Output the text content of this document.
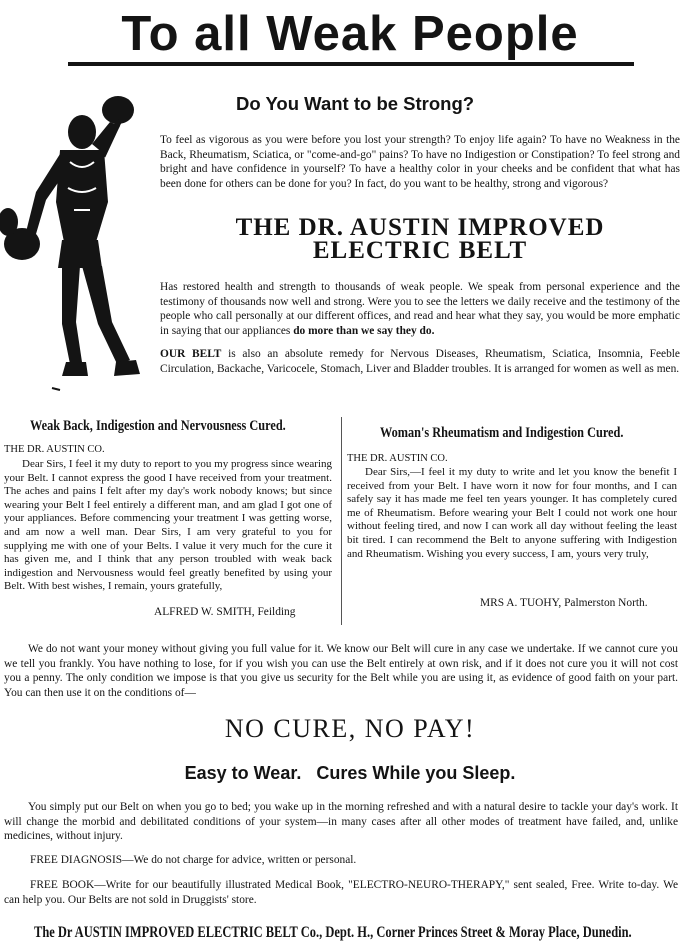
To all Weak People
Do You Want to be Strong?
To feel as vigorous as you were before you lost your strength? To enjoy life again? To have no Weakness in the Back, Rheumatism, Sciatica, or "come-and-go" pains? To have no Indigestion or Constipation? To feel strong and bright and have confidence in yourself? To have a healthy color in your cheeks and be confident that what has been done for others can be done for you? In fact, do you want to be healthy, strong and vigorous?
THE DR. AUSTIN IMPROVED
ELECTRIC BELT
Has restored health and strength to thousands of weak people. We speak from personal experience and the testimony of thousands now well and strong. Were you to see the letters we daily receive and the testimony of the people who call personally at our different offices, and read and hear what they say, you would be more emphatic in saying that our appliances do more than we say they do.
OUR BELT is also an absolute remedy for Nervous Diseases, Rheumatism, Sciatica, Insomnia, Feeble Circulation, Backache, Varicocele, Stomach, Liver and Bladder troubles. It is arranged for women as well as men.
Weak Back, Indigestion and Nervousness Cured.
THE DR. AUSTIN CO.
Dear Sirs, I feel it my duty to report to you my progress since wearing your Belt. I cannot express the good I have received from your treatment. The aches and pains I felt after my day's work nobody knows; but since wearing your Belt I feel entirely a different man, and am glad I got one of your appliances. Before commencing your treatment I was getting worse, and am now a well man. Dear Sirs, I am very grateful to you for supplying me with one of your Belts. I value it very much for the cure it has given me, and I think that any person troubled with weak back indigestion and Nervousness would feel greatly benefited by using your Belt. With best wishes, I remain, yours gratefully,
ALFRED W. SMITH, Feilding
Woman's Rheumatism and Indigestion Cured.
THE DR. AUSTIN CO.
Dear Sirs,—I feel it my duty to write and let you know the benefit I received from your Belt. I have worn it now for four months, and I can safely say it has made me feel ten years younger. It has completely cured me of Rheumatism. Before wearing your Belt I could not work one hour without feeling tired, and now I can work all day without feeling the least bit tired. I can recommend the Belt to anyone suffering with Indigestion and Rheumatism. Wishing you every success, I am, yours very truly,
MRS A. TUOHY, Palmerston North.
We do not want your money without giving you full value for it. We know our Belt will cure in any case we undertake. If we cannot cure you we tell you frankly. You have nothing to lose, for if you wish you can use the Belt entirely at own risk, and if it does not cure you it will not cost you a penny. The only condition we impose is that you give us security for the Belt while you are using it, as evidence of good faith on your part. You can then use it on the conditions of—
NO CURE, NO PAY!
Easy to Wear.   Cures While you Sleep.
You simply put our Belt on when you go to bed; you wake up in the morning refreshed and with a natural desire to tackle your day's work. It will change the morbid and debilitated conditions of your system—in many cases after all other modes of treatment have failed, and, unlike medicines, without injury.
FREE DIAGNOSIS—We do not charge for advice, written or personal.
FREE BOOK—Write for our beautifully illustrated Medical Book, "ELECTRO-NEURO-THERAPY," sent sealed, Free. Write to-day. We can help you. Our Belts are not sold in Druggists' store.
The Dr AUSTIN IMPROVED ELECTRIC BELT Co., Dept. H., Corner Princes Street & Moray Place, Dunedin.
